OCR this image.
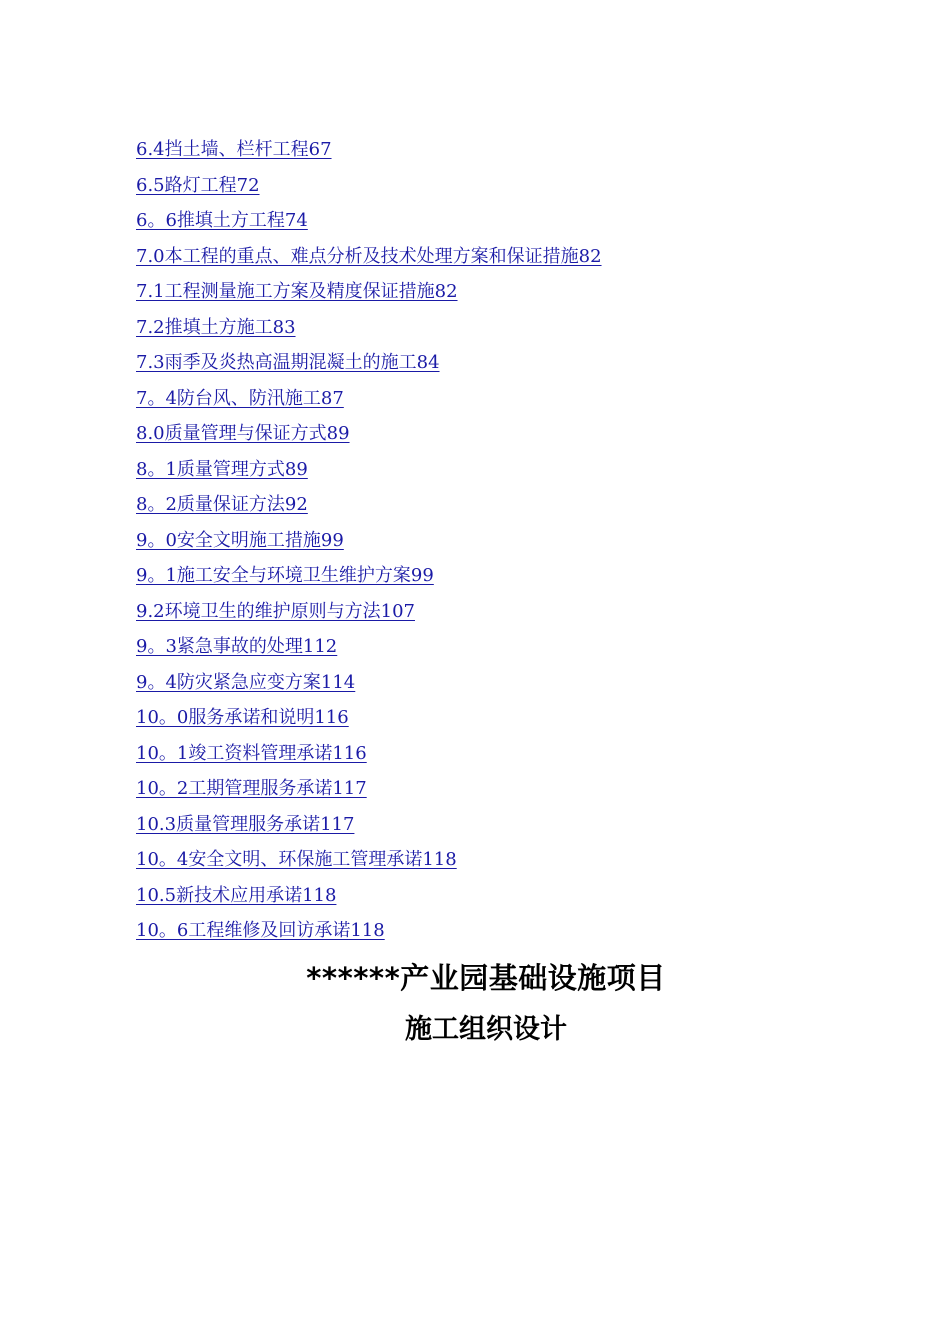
6.4挡土墙、栏杆工程67
6.5路灯工程72
6。6推填土方工程74
7.0本工程的重点、难点分析及技术处理方案和保证措施82
7.1工程测量施工方案及精度保证措施82
7.2推填土方施工83
7.3雨季及炎热高温期混凝土的施工84
7。4防台风、防汛施工87
8.0质量管理与保证方式89
8。1质量管理方式89
8。2质量保证方法92
9。0安全文明施工措施99
9。1施工安全与环境卫生维护方案99
9.2环境卫生的维护原则与方法107
9。3紧急事故的处理112
9。4防灾紧急应变方案114
10。0服务承诺和说明116
10。1竣工资料管理承诺116
10。2工期管理服务承诺117
10.3质量管理服务承诺117
10。4安全文明、环保施工管理承诺118
10.5新技术应用承诺118
10。6工程维修及回访承诺118
******产业园基础设施项目
施工组织设计
